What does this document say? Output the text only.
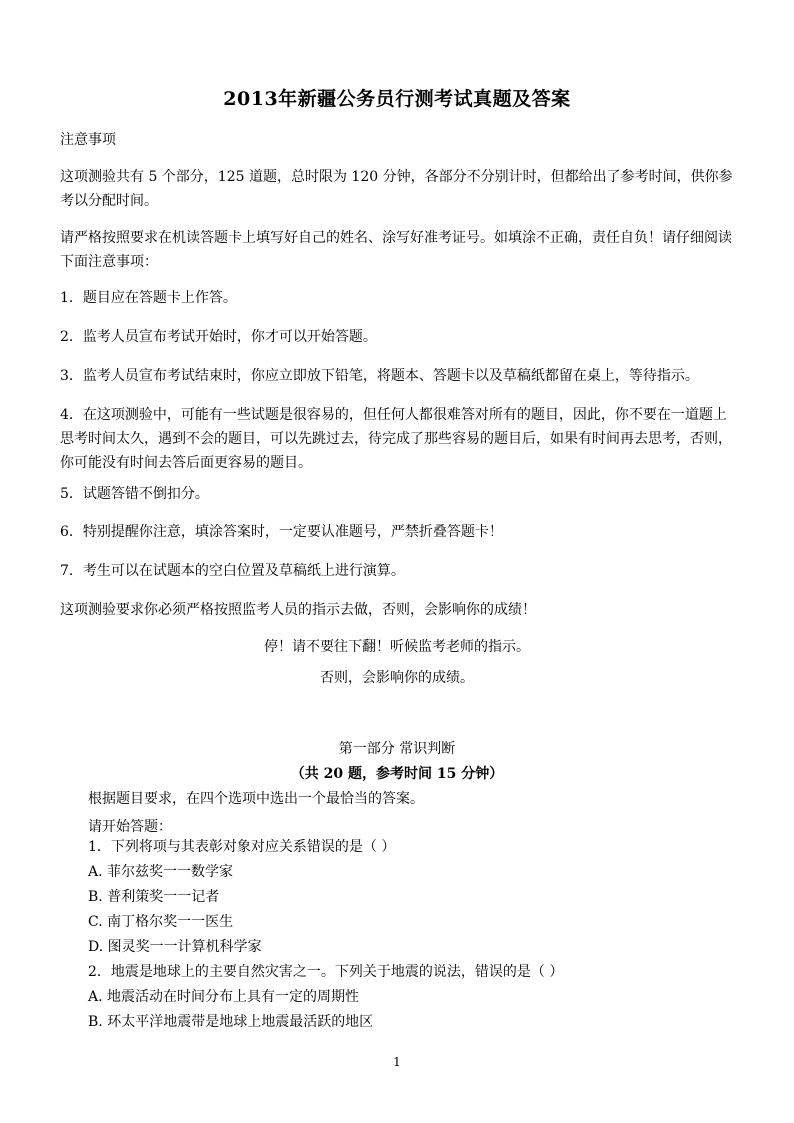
2013年新疆公务员行测考试真题及答案

注意事项

这项测验共有 5 个部分，125 道题，总时限为 120 分钟，各部分不分别计时，但都给出了参考时间，供你参考以分配时间。

请严格按照要求在机读答题卡上填写好自己的姓名、涂写好准考证号。如填涂不正确，责任自负！请仔细阅读下面注意事项：

1．题目应在答题卡上作答。

2．监考人员宣布考试开始时，你才可以开始答题。

3．监考人员宣布考试结束时，你应立即放下铅笔，将题本、答题卡以及草稿纸都留在桌上，等待指示。

4．在这项测验中，可能有一些试题是很容易的，但任何人都很难答对所有的题目，因此，你不要在一道题上思考时间太久，遇到不会的题目，可以先跳过去，待完成了那些容易的题目后，如果有时间再去思考，否则，你可能没有时间去答后面更容易的题目。

5．试题答错不倒扣分。

6．特别提醒你注意，填涂答案时，一定要认准题号，严禁折叠答题卡！

7．考生可以在试题本的空白位置及草稿纸上进行演算。

这项测验要求你必须严格按照监考人员的指示去做，否则，会影响你的成绩！

停！请不要往下翻！听候监考老师的指示。

否则，会影响你的成绩。

第一部分 常识判断

（共 20 题，参考时间 15 分钟）

根据题目要求，在四个选项中选出一个最恰当的答案。

请开始答题：

1．下列将项与其表彰对象对应关系错误的是（ ）

A. 菲尔兹奖一一数学家

B. 普利策奖一一记者

C. 南丁格尔奖一一医生

D. 图灵奖一一计算机科学家

2．地震是地球上的主要自然灾害之一。下列关于地震的说法，错误的是（ ）

A. 地震活动在时间分布上具有一定的周期性

B. 环太平洋地震带是地球上地震最活跃的地区

1
